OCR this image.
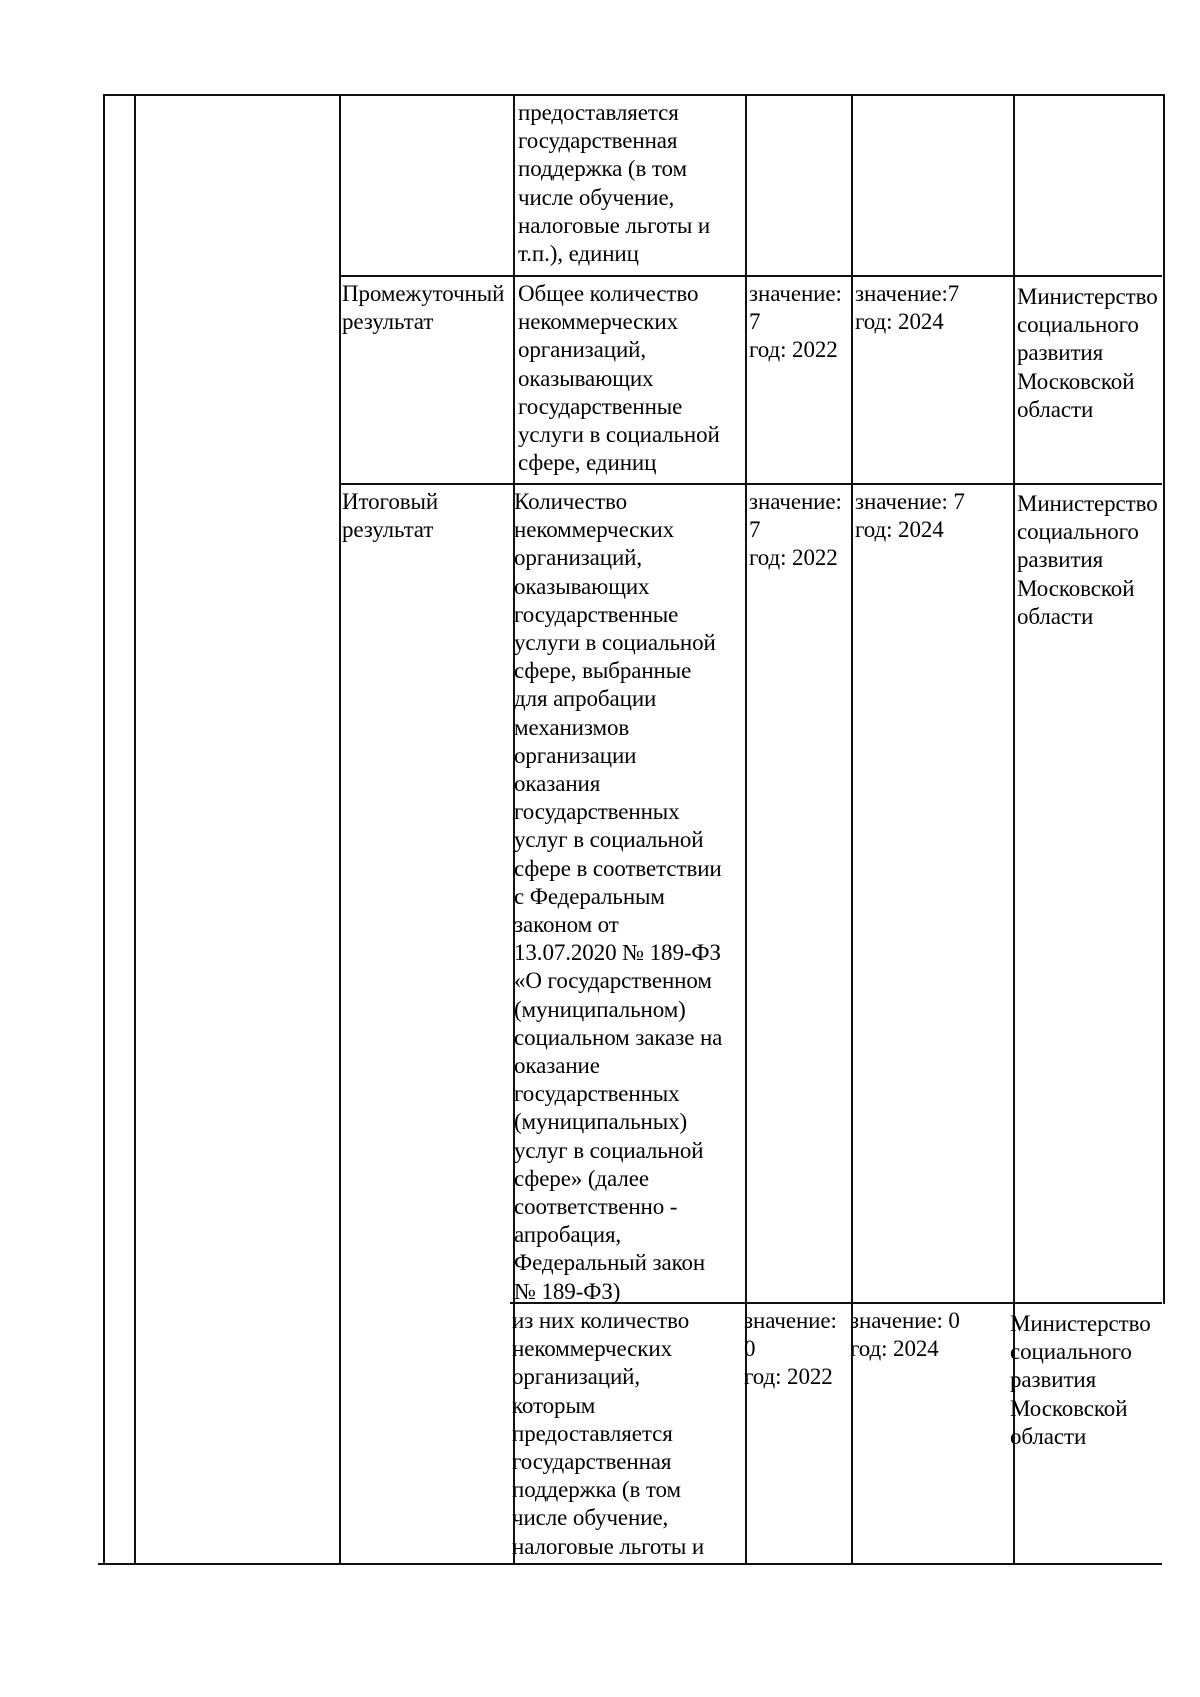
предоставляется
государственная
поддержка (в том
числе обучение,
налоговые льготы и
т.п.), единиц
Промежуточный
результат
Общее количество
некоммерческих
организаций,
оказывающих
государственные
услуги в социальной
сфере, единиц
значение:
7
год: 2022
значение:7
год: 2024
Министерство
социального
развития
Московской
области
Итоговый
результат
Количество
некоммерческих
организаций,
оказывающих
государственные
услуги в социальной
сфере, выбранные
для апробации
механизмов
организации
оказания
государственных
услуг в социальной
сфере в соответствии
с Федеральным
законом от
13.07.2020 № 189-ФЗ
«О государственном
(муниципальном)
социальном заказе на
оказание
государственных
(муниципальных)
услуг в социальной
сфере» (далее
соответственно -
апробация,
Федеральный закон
№ 189-ФЗ)
значение:
7
год: 2022
значение: 7
год: 2024
Министерство
социального
развития
Московской
области
из них количество
некоммерческих
организаций,
которым
предоставляется
государственная
поддержка (в том
числе обучение,
налоговые льготы и
значение:
0
год: 2022
значение: 0
год: 2024
Министерство
социального
развития
Московской
области
